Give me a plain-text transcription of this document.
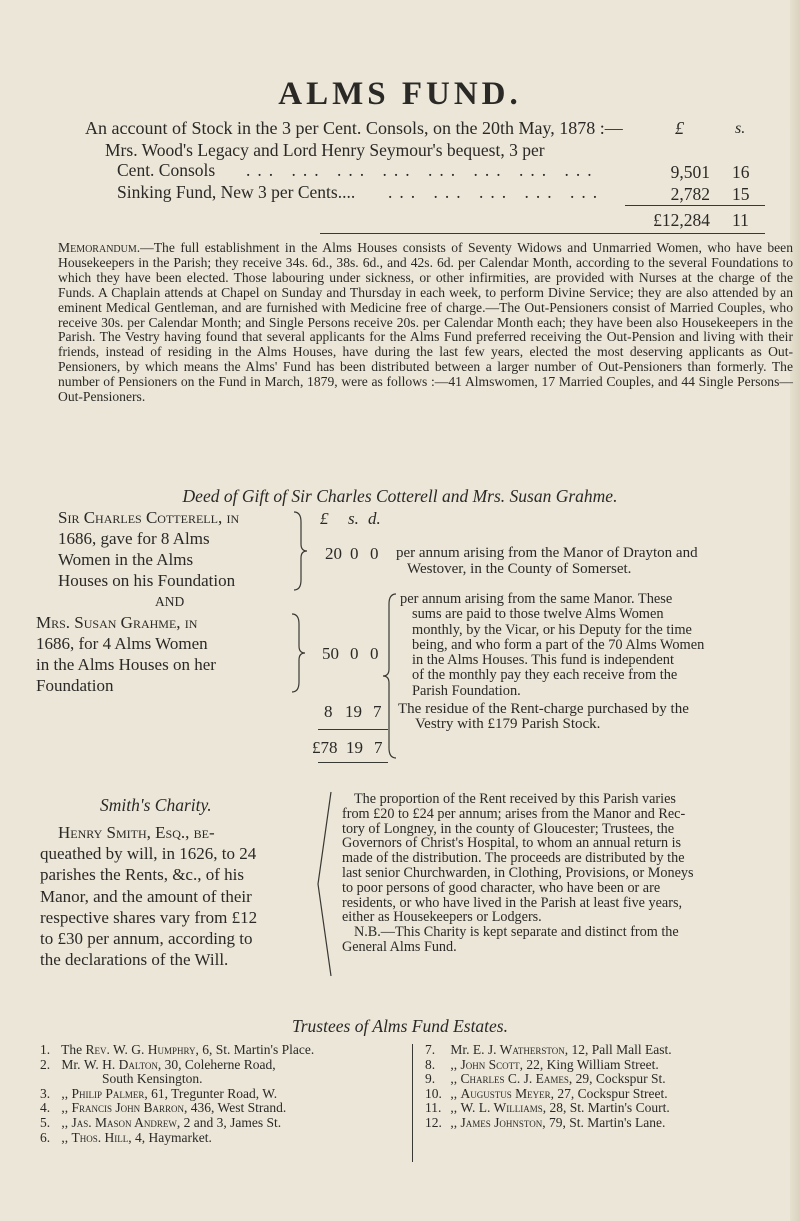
ALMS FUND.
An account of Stock in the 3 per Cent. Consols, on the 20th May, 1878 :—	£	s.
Mrs. Wood's Legacy and Lord Henry Seymour's bequest, 3 per
Cent. Consols ... ... ... ... ... ... ... ...	9,501 16
Sinking Fund, New 3 per Cents.... ... ... ... ... ...	2,782 15
£12,284 11
Memorandum.—The full establishment in the Alms Houses consists of Seventy Widows and Unmarried Women, who have been Housekeepers in the Parish; they receive 34s. 6d., 38s. 6d., and 42s. 6d. per Calendar Month, according to the several Foundations to which they have been elected. Those labouring under sickness, or other infirmities, are provided with Nurses at the charge of the Funds. A Chaplain attends at Chapel on Sunday and Thursday in each week, to perform Divine Service; they are also attended by an eminent Medical Gentleman, and are furnished with Medicine free of charge.—The Out-Pensioners consist of Married Couples, who receive 30s. per Calendar Month; and Single Persons receive 20s. per Calendar Month each; they have been also Housekeepers in the Parish. The Vestry having found that several applicants for the Alms Fund preferred receiving the Out-Pension and living with their friends, instead of residing in the Alms Houses, have during the last few years, elected the most deserving applicants as Out-Pensioners, by which means the Alms' Fund has been distributed between a larger number of Out-Pensioners than formerly. The number of Pensioners on the Fund in March, 1879, were as follows :—41 Almswomen, 17 Married Couples, and 44 Single Persons—Out-Pensioners.
Deed of Gift of Sir Charles Cotterell and Mrs. Susan Grahme.
£ s. d.
Sir Charles Cotterell, in
1686, gave for 8 Alms
Women in the Alms
Houses on his Foundation
20 0 0 per annum arising from the Manor of Drayton and
Westover, in the County of Somerset.
AND
Mrs. Susan Grahme, in
1686, for 4 Alms Women
in the Alms Houses on her
Foundation
50 0 0
per annum arising from the same Manor. These
sums are paid to those twelve Alms Women
monthly, by the Vicar, or his Deputy for the time
being, and who form a part of the 70 Alms Women
in the Alms Houses. This fund is independent
of the monthly pay they each receive from the
Parish Foundation.
8 19 7 The residue of the Rent-charge purchased by the
Vestry with £179 Parish Stock.
£78 19 7
Smith's Charity.
Henry Smith, Esq., be-
queathed by will, in 1626, to 24
parishes the Rents, &c., of his
Manor, and the amount of their
respective shares vary from £12
to £30 per annum, according to
the declarations of the Will.
The proportion of the Rent received by this Parish varies
from £20 to £24 per annum; arises from the Manor and Rec-
tory of Longney, in the county of Gloucester; Trustees, the
Governors of Christ's Hospital, to whom an annual return is
made of the distribution. The proceeds are distributed by the
last senior Churchwarden, in Clothing, Provisions, or Moneys
to poor persons of good character, who have been or are
residents, or who have lived in the Parish at least five years,
either as Housekeepers or Lodgers.
N.B.—This Charity is kept separate and distinct from the
General Alms Fund.
Trustees of Alms Fund Estates.
1. The Rev. W. G. Humphry, 6, St. Martin's Place.
2. Mr. W. H. Dalton, 30, Coleherne Road,
South Kensington.
3. ,, Philip Palmer, 61, Tregunter Road, W.
4. ,, Francis John Barron, 436, West Strand.
5. ,, Jas. Mason Andrew, 2 and 3, James St.
6. ,, Thos. Hill, 4, Haymarket.
7. Mr. E. J. Watherston, 12, Pall Mall East.
8. ,, John Scott, 22, King William Street.
9. ,, Charles C. J. Eames, 29, Cockspur St.
10. ,, Augustus Meyer, 27, Cockspur Street.
11. ,, W. L. Williams, 28, St. Martin's Court.
12. ,, James Johnston, 79, St. Martin's Lane.
